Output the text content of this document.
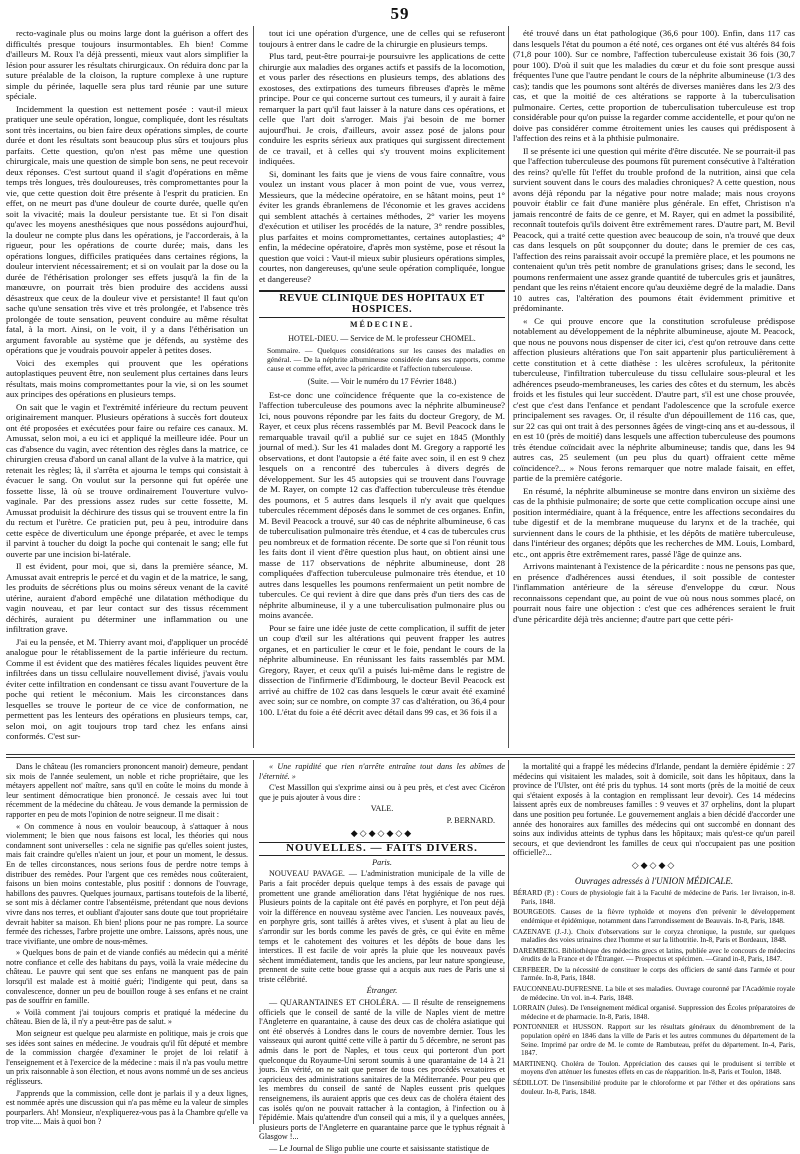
59

recto-vaginale plus ou moins large dont la guérison a offert des difficultés presque toujours insurmontables. Eh bien! Comme d'ailleurs M. Roux l'a déjà pressenti, mieux vaut alors simplifier la lésion pour assurer les résultats chirurgicaux. On réduira donc par la suture préalable de la cloison, la rupture complexe à une rupture simple du périnée, laquelle sera plus tard réunie par une suture spéciale.

Incidemment la question est nettement posée : vaut-il mieux pratiquer une seule opération, longue, compliquée, dont les résultats sont très incertains, ou bien faire deux opérations simples, de courte durée et dont les résultats sont beaucoup plus sûrs et toujours plus parfaits. Cette question, qu'on n'est pas même une question chirurgicale, mais une question de simple bon sens, ne peut recevoir deux réponses. C'est surtout quand il s'agit d'opérations en même temps très longues, très douloureuses, très compromettantes pour la vie, que cette question doit être présente à l'esprit du praticien. En effet, on ne meurt pas d'une douleur de courte durée, quelle qu'en soit la vivacité; mais la douleur persistante tue. Et si l'on disait qu'avec les moyens anesthésiques que nous possédons aujourd'hui, la douleur ne compte plus dans les opérations, je l'accorderais, à la rigueur, pour les opérations de courte durée; mais, dans les opérations longues, difficiles pratiquées dans certaines régions, la douleur intervient nécessairement; et si on voulait par la dose ou la durée de l'éthérisation prolonger ses effets jusqu'à la fin de la manœuvre, on pourrait très bien produire des accidens aussi désastreux que ceux de la douleur vive et persistante! Il faut qu'on sache qu'une sensation très vive et très prolongée, et l'absence très prolongée de toute sensation, peuvent conduire au même résultat fatal, à la mort. Ainsi, on le voit, il y a dans l'éthérisation un argument favorable au système que je défends, au système des opérations que je voudrais pouvoir appeler à petites doses.

Voici des exemples qui prouvent que les opérations autoplastiques peuvent être, non seulement plus certaines dans leurs résultats, mais moins compromettantes pour la vie, si on les soumet aux principes des opérations en plusieurs temps.

On sait que le vagin et l'extrémité inférieure du rectum peuvent originairement manquer. Plusieurs opérations à succès fort douteux ont été proposées et exécutées pour faire ou refaire ces canaux. M. Amussat, selon moi, a eu ici et appliqué la meilleure idée. Pour un cas d'absence du vagin, avec rétention des règles dans la matrice, ce chirurgien creusa d'abord un canal allant de la vulve à la matrice, qui retenait les règles; là, il s'arrêta et ajourna le temps qui consistait à évacuer le sang. On voulut sur la personne qui fut opérée une fossette lisse, là où se trouve ordinairement l'ouverture vulvo-vaginale. Par des pressions assez rudes sur cette fossette, M. Amussat produisit la déchirure des tissus qui se trouvent entre la fin du rectum et l'urètre. Ce praticien put, peu à peu, introduire dans cette espèce de diverticulum une éponge préparée, et avec le temps il parvint à toucher du doigt la poche qui contenait le sang; elle fut ouverte par une incision bi-latérale.

Il est évident, pour moi, que si, dans la première séance, M. Amussat avait entrepris le percé et du vagin et de la matrice, le sang, les produits de sécrétions plus ou moins séreux venant de la cavité utérine, auraient d'abord empêché une dilatation méthodique du vagin nouveau, et par leur contact sur des tissus récemment déchirés, auraient pu déterminer une inflammation ou une infiltration grave.

J'ai eu la pensée, et M. Thierry avant moi, d'appliquer un procédé analogue pour le rétablissement de la partie inférieure du rectum. Comme il est évident que des matières fécales liquides peuvent être infiltrées dans un tissu cellulaire nouvellement divisé, j'avais voulu éviter cette infiltration en condensant ce tissu avant l'ouverture de la poche qui retient le méconium. Mais les circonstances dans lesquelles se trouve le porteur de ce vice de conformation, ne permettent pas les lenteurs des opérations en plusieurs temps, car, selon moi, on agit toujours trop tard chez les enfans ainsi conformés. C'est sur-

tout ici une opération d'urgence, une de celles qui se refuseront toujours à entrer dans le cadre de la chirurgie en plusieurs temps.

Plus tard, peut-être pourrai-je poursuivre les applications de cette chirurgie aux maladies des organes actifs et passifs de la locomotion, et vous parler des résections en plusieurs temps, des ablations des exostoses, des extirpations des tumeurs fibreuses d'après le même principe. Pour ce qui concerne surtout ces tumeurs, il y aurait à faire remarquer la part qu'il faut laisser à la nature dans ces opérations, et celle que l'art doit s'arroger. Mais j'ai besoin de me borner aujourd'hui. Je crois, d'ailleurs, avoir assez posé de jalons pour conduire les esprits sérieux aux pratiques qui surgissent directement de ce travail, et à celles qui s'y trouvent moins explicitement indiquées.

Si, dominant les faits que je viens de vous faire connaître, vous voulez un instant vous placer à mon point de vue, vous verrez, Messieurs, que la médecine opératoire, en se hâtant moins, peut 1° éviter les grands ébranlemens de l'économie et les graves accidens qui semblent attachés à certaines méthodes, 2° varier les moyens d'exécution et utiliser les procédés de la nature, 3° rendre possibles, plus parfaites et moins compromettantes, certaines autoplasties; 4° enfin, la médecine opératoire, d'après mon système, pose et résout la question que voici : Vaut-il mieux subir plusieurs opérations simples, courtes, non dangereuses, qu'une seule opération compliquée, longue et dangereuse?

REVUE CLINIQUE DES HOPITAUX ET HOSPICES.
MÉDECINE.

HOTEL-DIEU. — Service de M. le professeur CHOMEL.

Sommaire. — Quelques considérations sur les causes des maladies en général. — De la néphrite albumineuse considérée dans ses rapports, comme cause et comme effet, avec la péricardite et l'affection tuberculeuse.

(Suite. — Voir le numéro du 17 Février 1848.)

Est-ce donc une coïncidence fréquente que la co-existence de l'affection tuberculeuse des poumons avec la néphrite albumineuse? Ici, nous pouvons répondre par les faits du docteur Gregory, de M. Rayer, et ceux plus récens rassemblés par M. Bevil Peacock dans le remarquable travail qu'il a publié sur ce sujet en 1845 (Monthly journal of med.). Sur les 41 malades dont M. Gregory a rapporté les observations, et dont l'autopsie a été faite avec soin, il en est 9 chez lesquels on a rencontré des tubercules à divers degrés de développement. Sur les 45 autopsies qui se trouvent dans l'ouvrage de M. Rayer, on compte 12 cas d'affection tuberculeuse très étendue des poumons, et 5 autres dans lesquels il n'y avait que quelques tubercules récemment déposés dans le sommet de ces organes. Enfin, M. Bevil Peacock a trouvé, sur 40 cas de néphrite albumineuse, 6 cas de tuberculisation pulmonaire très étendue, et 4 cas de tubercules crus peu nombreux et de formation récente. De sorte que si l'on réunit tous les faits dont il vient d'être question plus haut, on obtient ainsi une masse de 117 observations de néphrite albumineuse, dont 28 compliquées d'affection tuberculeuse pulmonaire très étendue, et 10 autres dans lesquelles les poumons renfermaient un petit nombre de tubercules. Ce qui revient à dire que dans près d'un tiers des cas de néphrite albumineuse, il y a une tuberculisation pulmonaire plus ou moins avancée.

Pour se faire une idée juste de cette complication, il suffit de jeter un coup d'œil sur les altérations qui peuvent frapper les autres organes, et en particulier le cœur et le foie, pendant le cours de la néphrite albumineuse. En réunissant les faits rassemblés par MM. Gregory, Rayer, et ceux qu'il a puisés lui-même dans le registre de dissection de l'infirmerie d'Edimbourg, le docteur Bevil Peacock est arrivé au chiffre de 102 cas dans lesquels le cœur avait été examiné avec soin; sur ce nombre, on compte 37 cas d'altération, ou 36,4 pour 100. L'état du foie a été décrit avec détail dans 99 cas, et 36 fois il a

été trouvé dans un état pathologique (36,6 pour 100). Enfin, dans 117 cas dans lesquels l'état du poumon a été noté, ces organes ont été vus altérés 84 fois (71,8 pour 100). Sur ce nombre, l'affection tuberculeuse existait 36 fois (30,7 pour 100). D'où il suit que les maladies du cœur et du foie sont presque aussi fréquentes l'une que l'autre pendant le cours de la néphrite albumineuse (1/3 des cas); tandis que les poumons sont altérés de diverses manières dans les 2/3 des cas, et que la moitié de ces altérations se rapporte à la tuberculisation pulmonaire. Certes, cette proportion de tuberculisation tuberculeuse est trop considérable pour qu'on puisse la regarder comme accidentelle, et pour qu'on ne doive pas considérer comme étroitement unies les causes qui prédisposent à l'affection des reins et à la phthisie pulmonaire.

Il se présente ici une question qui mérite d'être discutée. Ne se pourrait-il pas que l'affection tuberculeuse des poumons fût purement consécutive à l'altération des reins? qu'elle fût l'effet du trouble profond de la nutrition, ainsi que cela survient souvent dans le cours des maladies chroniques? A cette question, nous avons déjà répondu par la négative pour notre malade; mais nous croyons pouvoir établir ce fait d'une manière plus générale. En effet, Christison n'a jamais rencontré de faits de ce genre, et M. Rayer, qui en admet la possibilité, reconnaît toutefois qu'ils doivent être extrêmement rares. D'autre part, M. Bevil Peacock, qui a traité cette question avec beaucoup de soin, n'a trouvé que deux cas dans lesquels on pût soupçonner du doute; dans le premier de ces cas, l'affection des reins paraissait avoir occupé la première place, et les poumons ne contenaient qu'un très petit nombre de granulations grises; dans le second, les poumons renfermaient une assez grande quantité de tubercules gris et jaunâtres, pendant que les reins n'étaient encore qu'au deuxième degré de la maladie. Dans 10 autres cas, l'altération des poumons était évidemment primitive et prédominante.

« Ce qui prouve encore que la constitution scrofuleuse prédispose notablement au développement de la néphrite albumineuse, ajoute M. Peacock, que nous ne pouvons nous dispenser de citer ici, c'est qu'on retrouve dans cette affection plusieurs altérations que l'on sait appartenir plus particulièrement à cette constitution et à cette diathèse : les ulcères scrofuleux, la péritonite tuberculeuse, l'infiltration tuberculeuse du tissu cellulaire sous-pleural et les adhérences pseudo-membraneuses, les caries des côtes et du sternum, les abcès froids et les fistules qui leur succèdent. D'autre part, s'il est une chose prouvée, c'est que c'est dans l'enfance et pendant l'adolescence que la scrofule exerce principalement ses ravages. Or, il résulte d'un dépouillement de 116 cas, que, sur 22 cas qui ont trait à des personnes âgées de vingt-cinq ans et au-dessous, il en est 10 (près de moitié) dans lesquels une affection tuberculeuse des poumons très étendue coïncidait avec la néphrite albumineuse; tandis que, dans les 94 autres cas, 25 seulement (un peu plus du quart) offraient cette même coïncidence?... » Nous ferons remarquer que notre malade faisait, en effet, partie de la première catégorie.

En résumé, la néphrite albumineuse se montre dans environ un sixième des cas de la phthisie pulmonaire; de sorte que cette complication occupe ainsi une position intermédiaire, quant à la fréquence, entre les affections secondaires du tube digestif et de la membrane muqueuse du larynx et de la trachée, qui surviennent dans le cours de la phthisie, et les dépôts de matière tuberculeuse, dans l'intérieur des organes; dépôts que les recherches de MM. Louis, Lombard, etc., ont appris être extrêmement rares, passé l'âge de quinze ans.

Arrivons maintenant à l'existence de la péricardite : nous ne pensons pas que, en présence d'adhérences aussi étendues, il soit possible de contester l'inflammation antérieure de la séreuse d'enveloppe du cœur. Nous reconnaissons cependant que, au point de vue où nous nous sommes placé, on pourrait nous faire une objection : c'est que ces adhérences seraient le fruit d'une péricardite déjà très ancienne; d'autre part que cette péri-

Dans le château (les romanciers prononcent manoir) demeure, pendant six mois de l'année seulement, un noble et riche propriétaire, que les métayers appellent not' maître, sans qu'il en coûte le moins du monde à leur sentiment démocratique bien prononcé. Je cessais avec lui tout récemment de la médecine du château. Je vous demande la permission de rapporter en peu de mots l'opinion de notre seigneur. Il me disait :

« On commence à nous en vouloir beaucoup, à s'attaquer à nous violemment; le bien que nous faisons est local, les théories qui nous condamnent sont universelles : cela ne signifie pas qu'elles soient justes, mais fait craindre qu'elles n'aient un jour, et pour un moment, le dessus. En de telles circonstances, nous serions fous de perdre notre temps à distribuer des remèdes. Pour l'argent que ces remèdes nous coûteraient, faisons un bien moins contestable, plus positif : donnons de l'ouvrage, habillons des pauvres. Quelques journaux, partisans toutefois de la liberté, se sont mis à déclamer contre l'absentéisme, prétendant que nous devions vivre dans nos terres, et oubliant d'ajouter sans doute que tout propriétaire devrait habiter sa maison. Eh bien! plions pour ne pas rompre. La source fermée des richesses, l'arbre projette une ombre. Laissons, après nous, une trace vivifiante, une ombre de nous-mêmes.

» Quelques bons de pain et de viande confiés au médecin qui a mérité notre confiance et celle des habitans du pays, voilà la vraie médecine du château. Le pauvre qui sent que ses enfans ne manquent pas de pain lorsqu'il est malade est à moitié guéri; l'indigente qui peut, dans sa convalescence, donner un peu de bouillon rouge à ses enfans et ne craint pas de souffrir en famille.

» Voilà comment j'ai toujours compris et pratiqué la médecine du château. Bien de là, il n'y a peut-être pas de salut. »

Mon seigneur est quelque peu alarmiste en politique, mais je crois que ses idées sont saines en médecine. Je voudrais qu'il fût député et membre de la commission chargée d'examiner le projet de loi relatif à l'enseignement et à l'exercice de la médecine : mais il n'a pas voulu mettre un prix raisonnable à son élection, et nous avons nommé un de ses ancieus réglisseurs.

J'apprends que la commission, celle dont je parlais il y a deux lignes, est nommée après une discussion qui n'a pas même eu la valeur de simples pourparlers. Ah! Monsieur, n'expliquerez-vous pas à la Chambre qu'elle va trop vite.... Mais à quoi bon ?

« Une rapidité que rien n'arrête entraîne tout dans les abîmes de l'éternité. »

C'est Massillon qui s'exprime ainsi ou à peu près, et c'est avec Cicéron que je puis ajouter à vous dire :

VALE.

P. BERNARD.

◆◇◆◇◆◇◆
NOUVELLES. — FAITS DIVERS.
Paris.

NOUVEAU PAVAGE. — L'administration municipale de la ville de Paris a fait procéder depuis quelque temps à des essais de pavage qui promettent une grande amélioration dans l'état hygiénique de nos rues. Plusieurs points de la capitale ont été pavés en porphyre, et l'on peut déjà voir la différence en nouveau système avec l'ancien. Les nouveaux pavés, en porphyre gris, sont taillés à arêtes vives, et s'usent à plat au lieu de s'arrondir sur les bords comme les pavés de grès, ce qui évite en même temps et le cahotement des voitures et les dépôts de boue dans les interstices. Il est facile de voir après la pluie que les nouveaux pavés sèchent immédiatement, tandis que les anciens, par leur nature spongieuse, prennent de suite cette boue grasse qui a acquis aux rues de Paris une si triste célébrité.

Étranger.

— QUARANTAINES ET CHOLÉRA. — Il résulte de renseignemens officiels que le conseil de santé de la ville de Naples vient de mettre l'Angleterre en quarantaine, à cause des deux cas de choléra asiatique qui ont été observés à Londres dans le cours de novembre dernier. Tous les vaisseaux qui auront quitté cette ville à partir du 5 décembre, ne seront pas admis dans le port de Naples, et tous ceux qui porteront d'un port quelconque du Royaume-Uni seront soumis à une quarantaine de 14 à 21 jours. En vérité, on ne sait que penser de tous ces procédés vexatoires et capricieux des administrations sanitaires de la Méditerranée. Pour peu que les membres du conseil de santé de Naples eussent pris quelques renseignemens, ils auraient appris que ces deux cas de choléra étaient des cas isolés qu'on ne pouvait rattacher à la contagion, à l'infection ou à l'épidémie. Mais qu'attendre d'un conseil qui a mis, il y a quelques années, plusieurs ports de l'Angleterre en quarantaine parce que le typhus régnait à Glasgow !...

— Le Journal de Sligo publie une courte et saisissante statistique de

la mortalité qui a frappé les médecins d'Irlande, pendant la dernière épidémie : 27 médecins qui visitaient les malades, soit à domicile, soit dans les hôpitaux, dans la province de l'Ulster, ont été pris du typhus. 14 sont morts (près de la moitié de ceux qui s'étaient exposés à la contagion en remplissant leur devoir). Ces 14 médecins laissent après eux de nombreuses familles : 9 veuves et 37 orphelins, dont la plupart dans une position peu fortunée. Le gouvernement anglais a bien décidé d'accorder une année des honoraires aux familles des médecins qui ont succombé en donnant des soins aux individus atteints de typhus dans les hôpitaux; mais qu'est-ce qu'un pareil secours, et que deviendront les familles de ceux qui n'occupaient pas une position officielle?...

◇◆◇◆◇
Ouvrages adressés à l'UNION MÉDICALE.
BÉRARD (P.) : Cours de physiologie fait à la Faculté de médecine de Paris. 1er livraison, in-8. Paris, 1848.
BOURGEOIS. Causes de la fièvre typhoïde et moyens d'en prévenir le développement endémique et épidémique, notamment dans l'arrondissement de Beauvais. In-8, Paris, 1848.
CAZENAVE (J.-J.). Choix d'observations sur le coryza chronique, la pustule, sur quelques maladies des voies urinaires chez l'homme et sur la lithotritie. In-8, Paris et Bordeaux, 1848.
DAREMBERG. Bibliothèque des médecins grecs et latins, publiée avec le concours de médecins érudits de la France et de l'Étranger. — Prospectus et spécimen. —Grand in-8, Paris, 1847.
CERFBEER. De la nécessité de constituer le corps des officiers de santé dans l'armée et pour l'armée. In-8, Paris, 1848.
FAUCONNEAU-DUFRESNE. La bile et ses maladies. Ouvrage couronné par l'Académie royale de médecine. Un vol. in-4. Paris, 1848.
LORRAIN (Jules). De l'enseignement médical organisé. Suppression des Écoles préparatoires de médecine et de pharmacie. In-8, Paris, 1848.
PONTONNIER et HUSSON. Rapport sur les résultats généraux du dénombrement de la population opéré en 1846 dans la ville de Paris et les autres communes du département de la Seine. Imprimé par ordre de M. le comte de Rambuteau, préfet du département. In-4, Paris, 1847.
MARTINENQ. Choléra de Toulon. Appréciation des causes qui le produisent si terrible et moyens d'en atténuer les funestes effets en cas de réapparition. In-8, Paris et Toulon, 1848.
SÉDILLOT. De l'insensibilité produite par le chloroforme et par l'éther et des opérations sans douleur. In-8, Paris, 1848.
